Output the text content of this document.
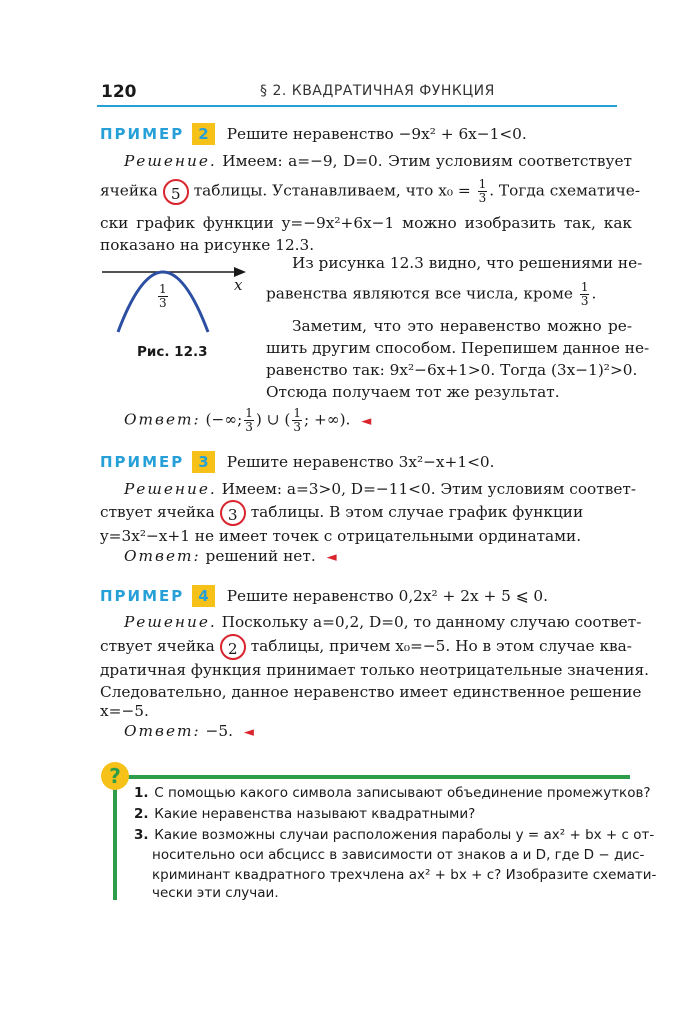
120	§ 2. КВАДРАТИЧНАЯ ФУНКЦИЯ
ПРИМЕР 2 Решите неравенство −9x² + 6x−1<0.
Решение. Имеем: a=−9, D=0. Этим условиям соответствует
ячейка 5 таблицы. Устанавливаем, что $x_0 = \frac{1}{3}$ . Тогда схематиче-
ски график функции y=−9x²+6x−1 можно изобразить так, как
показано на рисунке 12.3.
x
$\frac{1}{3}$
Рис. 12.3
Из рисунка 12.3 видно, что решениями не-
равенства являются все числа, кроме $\frac{1}{3}$ .
Заметим, что это неравенство можно ре-
шить другим способом. Перепишем данное не-
равенство так: 9x²−6x+1>0. Тогда (3x−1)²>0.
Отсюда получаем тот же результат.
Ответ: (−∞; $\frac{1}{3}$ ) ∪ ( $\frac{1}{3}$ ; +∞). ◄
ПРИМЕР 3 Решите неравенство 3x²−x+1<0.
Решение. Имеем: a=3>0, D=−11<0. Этим условиям соответ-
ствует ячейка 3 таблицы. В этом случае график функции
y=3x²−x+1 не имеет точек с отрицательными ординатами.
Ответ: решений нет. ◄
ПРИМЕР 4 Решите неравенство 0,2x² + 2x + 5 ⩽ 0.
Решение. Поскольку a=0,2, D=0, то данному случаю соответ-
ствует ячейка 2 таблицы, причем x₀=−5. Но в этом случае ква-
дратичная функция принимает только неотрицательные значения.
Следовательно, данное неравенство имеет единственное решение
x=−5.
Ответ: −5. ◄
?
1. С помощью какого символа записывают объединение промежутков?
2. Какие неравенства называют квадратными?
3. Какие возможны случаи расположения параболы y = ax² + bx + c от-
носительно оси абсцисс в зависимости от знаков a и D, где D − дис-
криминант квадратного трехчлена ax² + bx + c? Изобразите схемати-
чески эти случаи.
